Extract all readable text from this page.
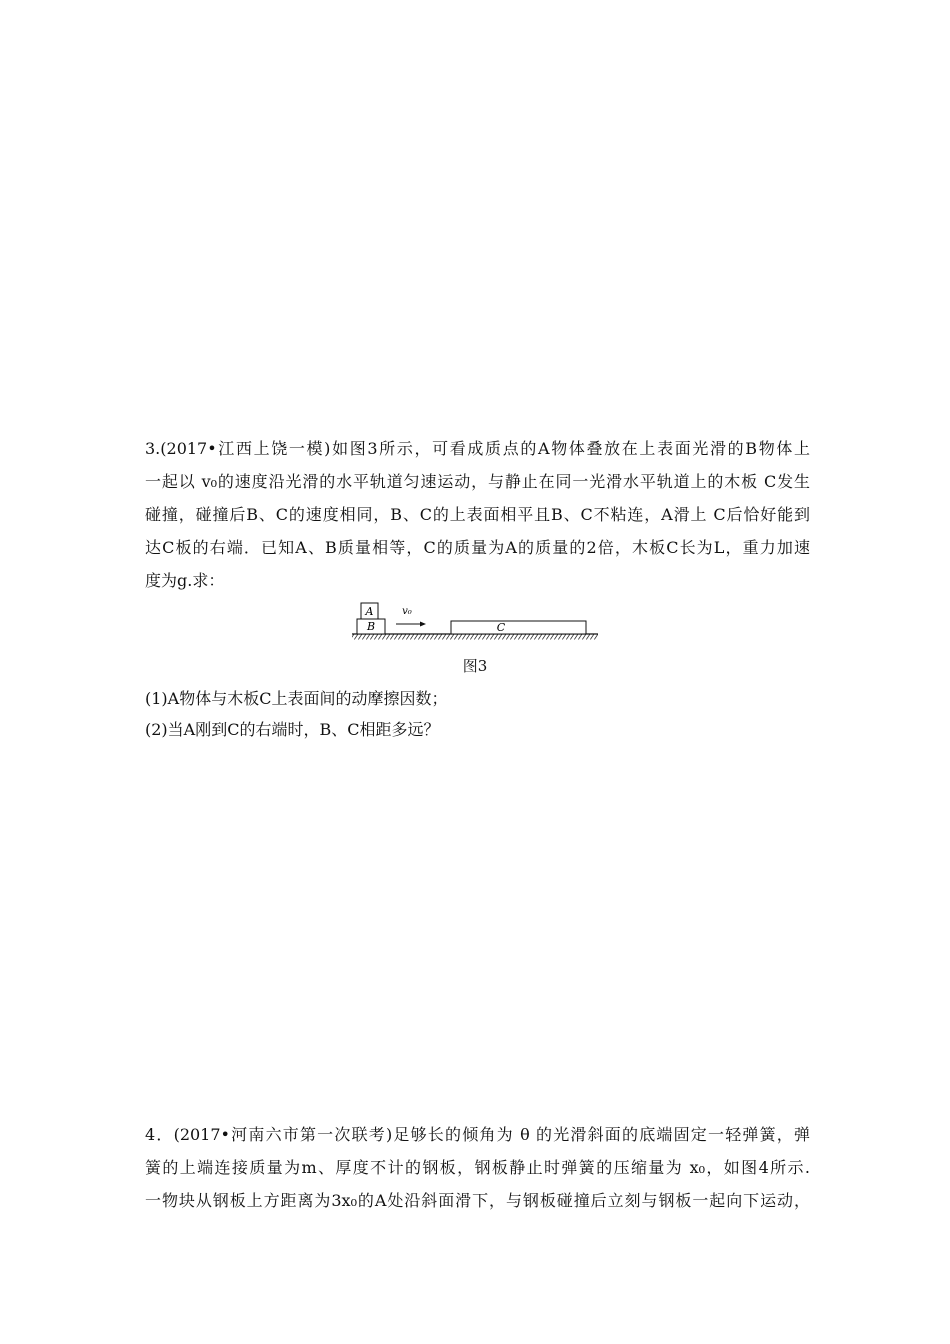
3.(2017•江西上饶一模)如图3所示，可看成质点的A物体叠放在上表面光滑的B物体上
一起以 v₀的速度沿光滑的水平轨道匀速运动，与静止在同一光滑水平轨道上的木板 C发生
碰撞，碰撞后B、C的速度相同，B、C的上表面相平且B、C不粘连，A滑上 C后恰好能到
达C板的右端．已知A、B质量相等，C的质量为A的质量的2倍，木板C长为L，重力加速
度为g.求：
A
B
v₀
C
图3
(1)A物体与木板C上表面间的动摩擦因数；
(2)当A刚到C的右端时，B、C相距多远？
4．(2017•河南六市第一次联考)足够长的倾角为 θ 的光滑斜面的底端固定一轻弹簧，弹
簧的上端连接质量为m、厚度不计的钢板，钢板静止时弹簧的压缩量为 x₀，如图4所示.
一物块从钢板上方距离为3x₀的A处沿斜面滑下，与钢板碰撞后立刻与钢板一起向下运动，
